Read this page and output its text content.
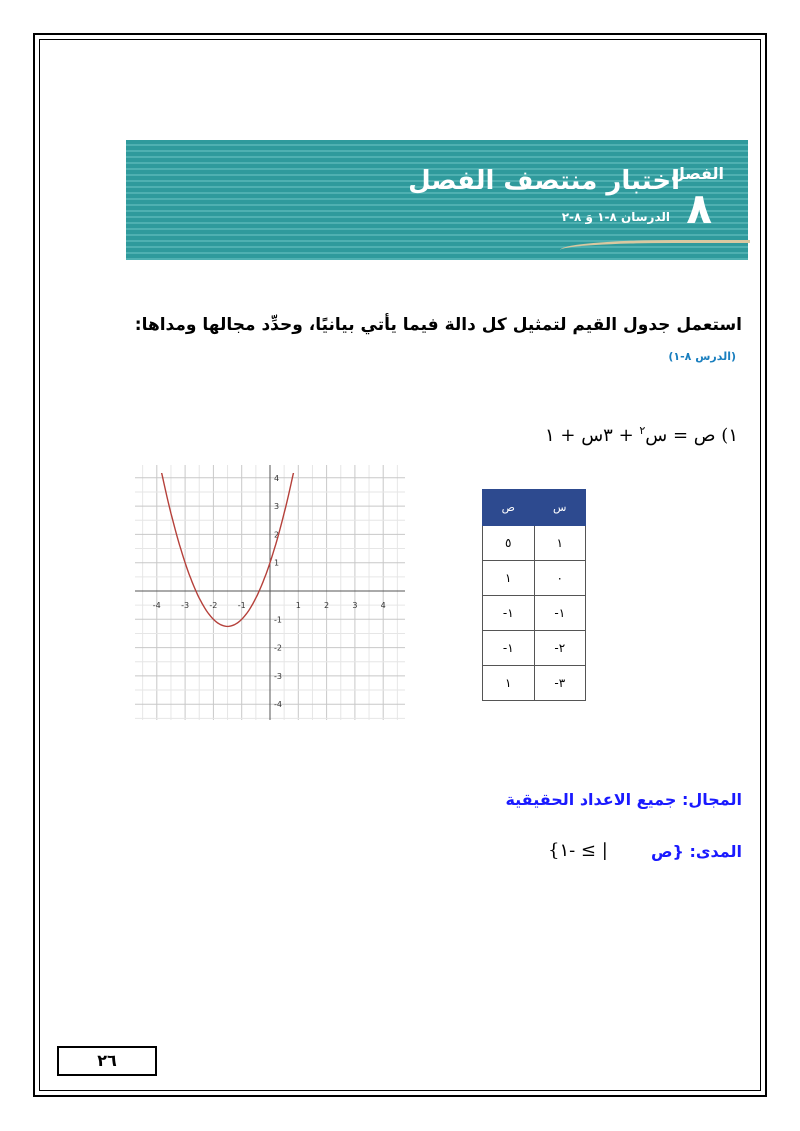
الفصل
٨
اختبار منتصف الفصل
الدرسان ٨-١ وَ ٨-٢
استعمل جدول القيم لتمثيل كل دالة فيما يأتي بيانيًا، وحدِّد مجالها ومداها: (الدرس ٨-١)
١) ص = س$^٢$ + ٣س + ١
-4	-3	-2	-1	1	2	3	4
4
3
2
1
-1
-2
-3
-4
س	ص
١	٥
٠	١
١-	١-
٢-	١-
٣-	١
المجال: جميع الاعداد الحقيقية
المدى: {ص
{١- ≤ |
٢٦
